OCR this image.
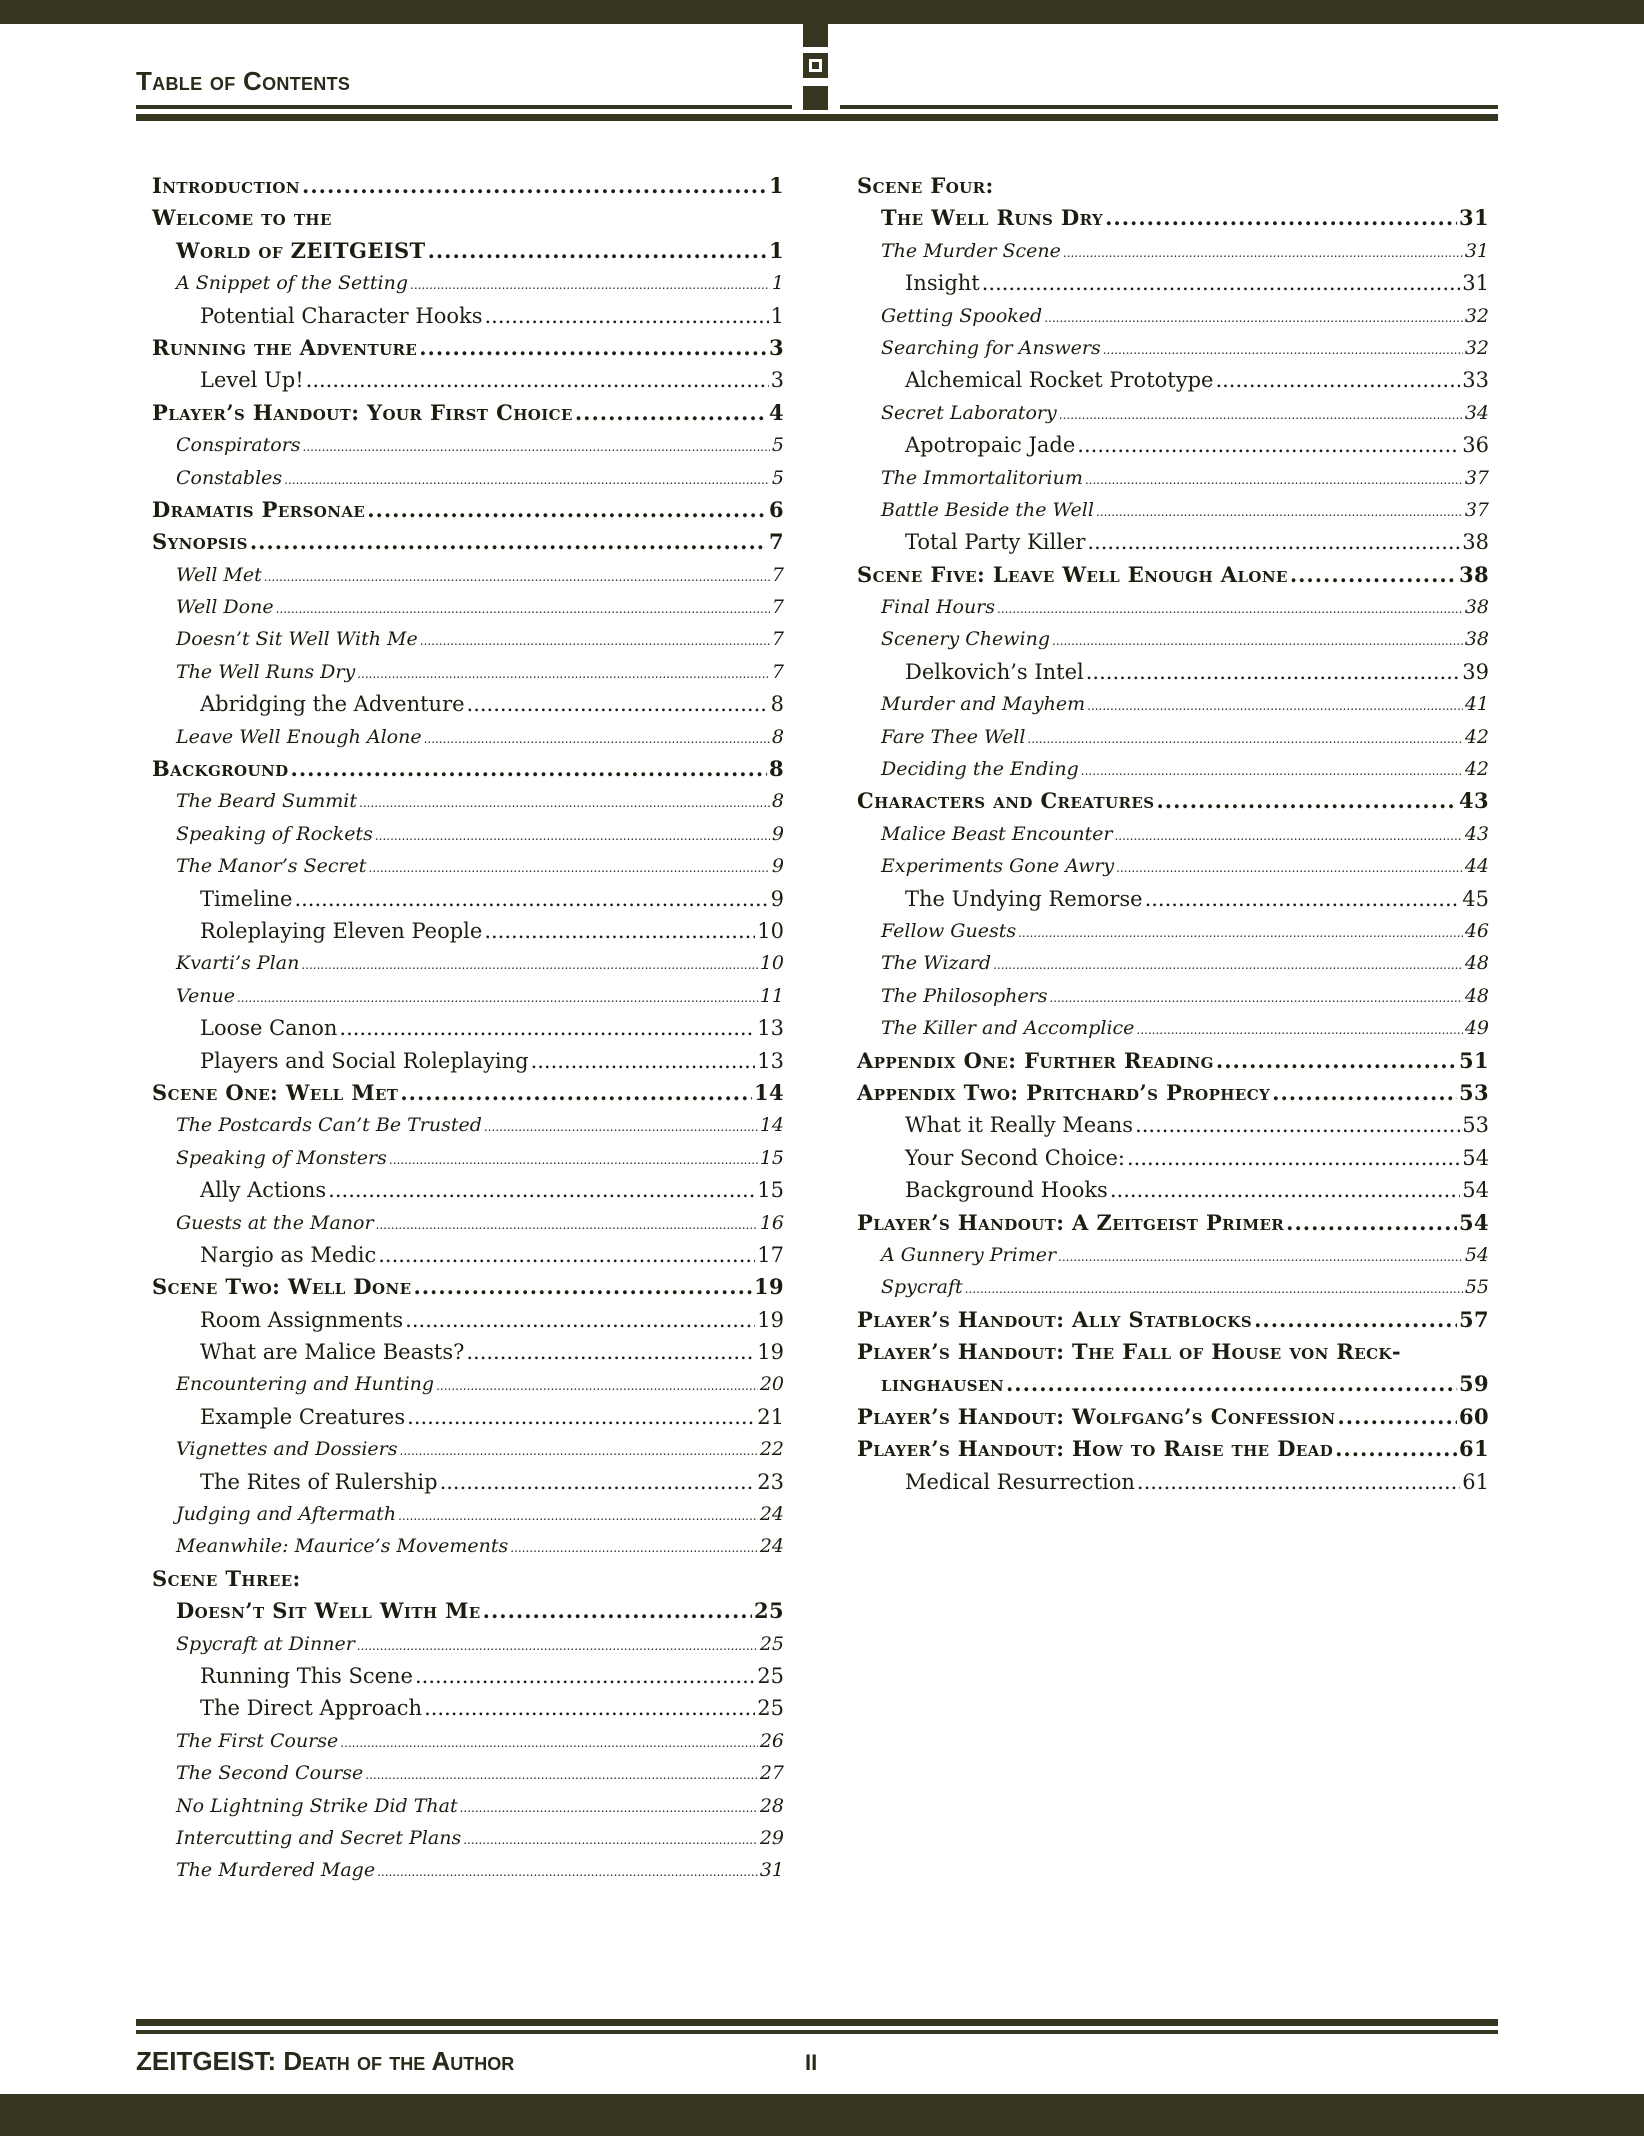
Table of Contents
Introduction .....	1
Welcome to the
World of ZEITGEIST .....	1
A Snippet of the Setting .....	1
Potential Character Hooks .....	1
Running the Adventure .....	3
Level Up! .....	3
Player’s Handout: Your First Choice .....	4
Conspirators .....	5
Constables .....	5
Dramatis Personae .....	6
Synopsis .....	7
Well Met .....	7
Well Done .....	7
Doesn’t Sit Well With Me .....	7
The Well Runs Dry .....	7
Abridging the Adventure .....	8
Leave Well Enough Alone .....	8
Background .....	8
The Beard Summit .....	8
Speaking of Rockets .....	9
The Manor’s Secret .....	9
Timeline .....	9
Roleplaying Eleven People .....	10
Kvarti’s Plan .....	10
Venue .....	11
Loose Canon .....	13
Players and Social Roleplaying .....	13
Scene One: Well Met .....	14
The Postcards Can’t Be Trusted .....	14
Speaking of Monsters .....	15
Ally Actions .....	15
Guests at the Manor .....	16
Nargio as Medic .....	17
Scene Two: Well Done .....	19
Room Assignments .....	19
What are Malice Beasts? .....	19
Encountering and Hunting .....	20
Example Creatures .....	21
Vignettes and Dossiers .....	22
The Rites of Rulership .....	23
Judging and Aftermath .....	24
Meanwhile: Maurice’s Movements .....	24
Scene Three:
Doesn’t Sit Well With Me .....	25
Spycraft at Dinner .....	25
Running This Scene .....	25
The Direct Approach .....	25
The First Course .....	26
The Second Course .....	27
No Lightning Strike Did That .....	28
Intercutting and Secret Plans .....	29
The Murdered Mage .....	31
Scene Four:
The Well Runs Dry .....	31
The Murder Scene .....	31
Insight .....	31
Getting Spooked .....	32
Searching for Answers .....	32
Alchemical Rocket Prototype .....	33
Secret Laboratory .....	34
Apotropaic Jade .....	36
The Immortalitorium .....	37
Battle Beside the Well .....	37
Total Party Killer .....	38
Scene Five: Leave Well Enough Alone .....	38
Final Hours .....	38
Scenery Chewing .....	38
Delkovich’s Intel .....	39
Murder and Mayhem .....	41
Fare Thee Well .....	42
Deciding the Ending .....	42
Characters and Creatures .....	43
Malice Beast Encounter .....	43
Experiments Gone Awry .....	44
The Undying Remorse .....	45
Fellow Guests .....	46
The Wizard .....	48
The Philosophers .....	48
The Killer and Accomplice .....	49
Appendix One: Further Reading .....	51
Appendix Two: Pritchard’s Prophecy .....	53
What it Really Means .....	53
Your Second Choice: .....	54
Background Hooks .....	54
Player’s Handout: A Zeitgeist Primer .....	54
A Gunnery Primer .....	54
Spycraft .....	55
Player’s Handout: Ally Statblocks .....	57
Player’s Handout: The Fall of House von Reck-
linghausen .....	59
Player’s Handout: Wolfgang’s Confession .....	60
Player’s Handout: How to Raise the Dead .....	61
Medical Resurrection .....	61
ZEITGEIST: Death of the Author	II
